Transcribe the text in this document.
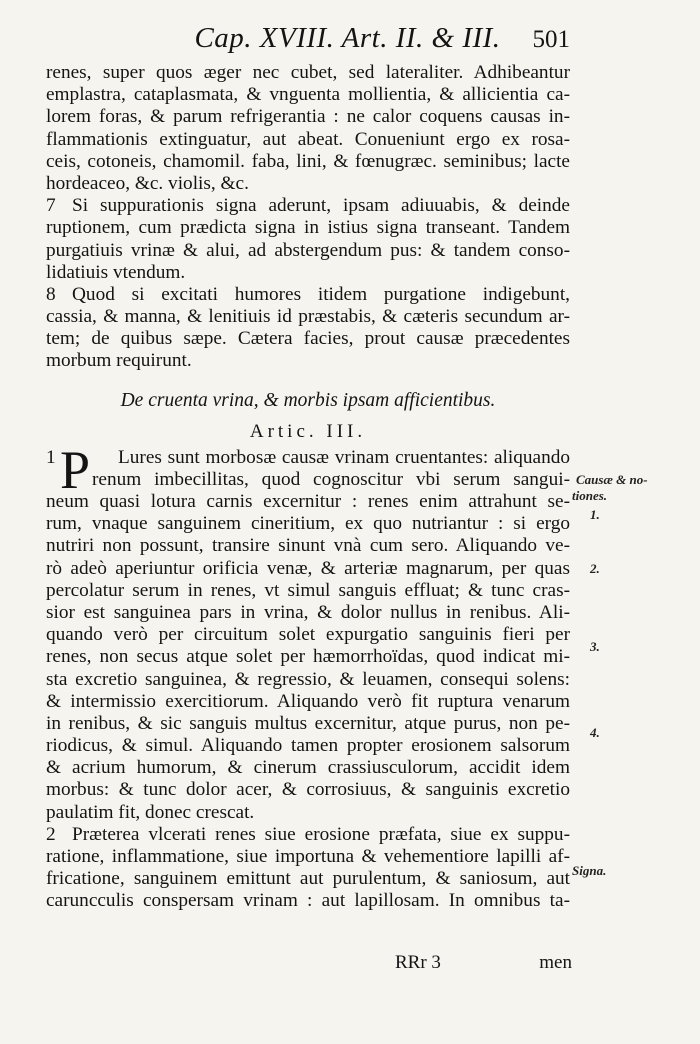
Cap. XVIII. Art. II. & III.	501
renes, super quos æger nec cubet, sed lateraliter. Adhibeantur
emplastra, cataplasmata, & vnguenta mollientia, & allicientia ca-
lorem foras, & parum refrigerantia : ne calor coquens causas in-
flammationis extinguatur, aut abeat. Conueniunt ergo ex rosa-
ceis, cotoneis, chamomil. faba, lini, & fœnugræc. seminibus; lacte
hordeaceo, &c. violis, &c.
7 Si suppurationis signa aderunt, ipsam adiuuabis, & deinde
ruptionem, cum prædicta signa in istius signa transeant. Tandem
purgatiuis vrinæ & alui, ad abstergendum pus: & tandem conso-
lidatiuis vtendum.
8 Quod si excitati humores itidem purgatione indigebunt,
cassia, & manna, & lenitiuis id præstabis, & cæteris secundum ar-
tem; de quibus sæpe. Cætera facies, prout causæ præcedentes
morbum requirunt.
De cruenta vrina, & morbis ipsam afficientibus.
Artic. III.
1 P Lures sunt morbosæ causæ vrinam cruentantes: aliquando
renum imbecillitas, quod cognoscitur vbi serum sangui-
neum quasi lotura carnis excernitur : renes enim attrahunt se-
rum, vnaque sanguinem cineritium, ex quo nutriantur : si ergo
nutriri non possunt, transire sinunt vnà cum sero. Aliquando ve-
rò adeò aperiuntur orificia venæ, & arteriæ magnarum, per quas
percolatur serum in renes, vt simul sanguis effluat; & tunc cras-
sior est sanguinea pars in vrina, & dolor nullus in renibus. Ali-
quando verò per circuitum solet expurgatio sanguinis fieri per
renes, non secus atque solet per hæmorrhoïdas, quod indicat mi-
sta excretio sanguinea, & regressio, & leuamen, consequi solens:
& intermissio exercitiorum. Aliquando verò fit ruptura venarum
in renibus, & sic sanguis multus excernitur, atque purus, non pe-
riodicus, & simul. Aliquando tamen propter erosionem salsorum
& acrium humorum, & cinerum crassiusculorum, accidit idem
morbus: & tunc dolor acer, & corrosiuus, & sanguinis excretio
paulatim fit, donec crescat.
2 Præterea vlcerati renes siue erosione præfata, siue ex suppu-
ratione, inflammatione, siue importuna & vehementiore lapilli af-
fricatione, sanguinem emittunt aut purulentum, & saniosum, aut
caruncculis conspersam vrinam : aut lapillosam. In omnibus ta-
Causæ & no-
tiones.
1.
2.
3.
4.
Signa.
RRr 3	men
